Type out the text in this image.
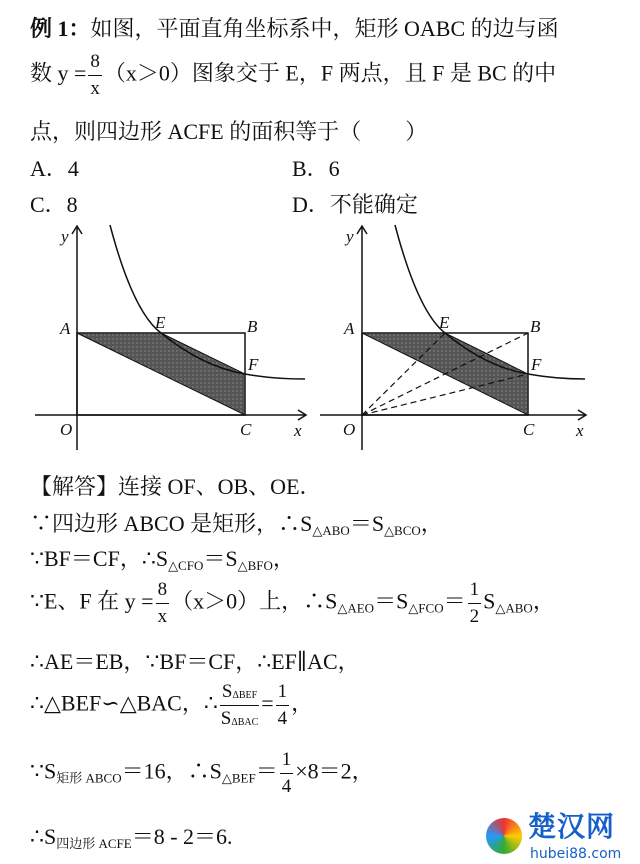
例 1：如图，平面直角坐标系中，矩形 OABC 的边与函
数 $y = \frac{8}{x} (x>0)$图象交于 E，F 两点，且 F 是 BC 的中
点，则四边形 ACFE 的面积等于（　　）
A．4	B．6
C．8	D．不能确定
y
x
O
A	B
C
E
F
y
x
O
A	B
C
E
F
【解答】连接 OF、OB、OE．
∵四边形 ABCO 是矩形，$\therefore S_{\triangle ABO}=S_{\triangle BCO}$，
∵BF＝CF，$\therefore S_{\triangle CFO}=S_{\triangle BFO}$，
∵E、F 在 $y = \frac{8}{x} (x>0)$上，$\therefore S_{\triangle AEO}=S_{\triangle FCO}= \frac{1}{2} S_{\triangle ABO}$，
∴AE＝EB，∵BF＝CF，∴EF∥AC，
∴△BEF∽△BAC，∴ $\frac{S_{\Delta BEF}}{S_{\Delta BAC}} = \frac{1}{4}$ ，
$\because S_{矩形 ABCO}=16$，$\therefore S_{\triangle BEF}= \frac{1}{4} \times 8=2$，
$\therefore S_{四边形 ACFE}=8 - 2=6$.	楚汉网
hubei88.com
